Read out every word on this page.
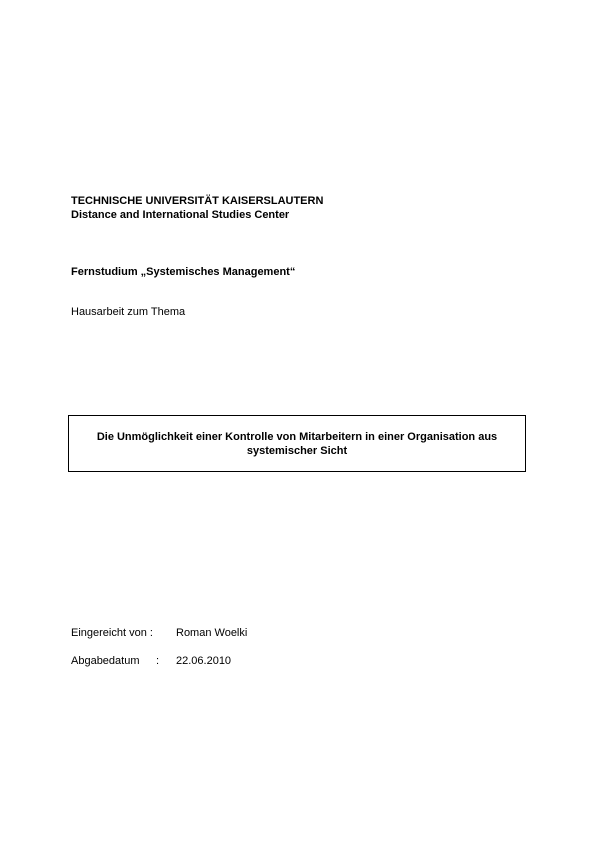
TECHNISCHE UNIVERSITÄT KAISERSLAUTERN
Distance and International Studies Center
Fernstudium „Systemisches Management“
Hausarbeit zum Thema
Die Unmöglichkeit einer Kontrolle von Mitarbeitern in einer Organisation aus systemischer Sicht
Eingereicht von : Roman Woelki
Abgabedatum : 22.06.2010
